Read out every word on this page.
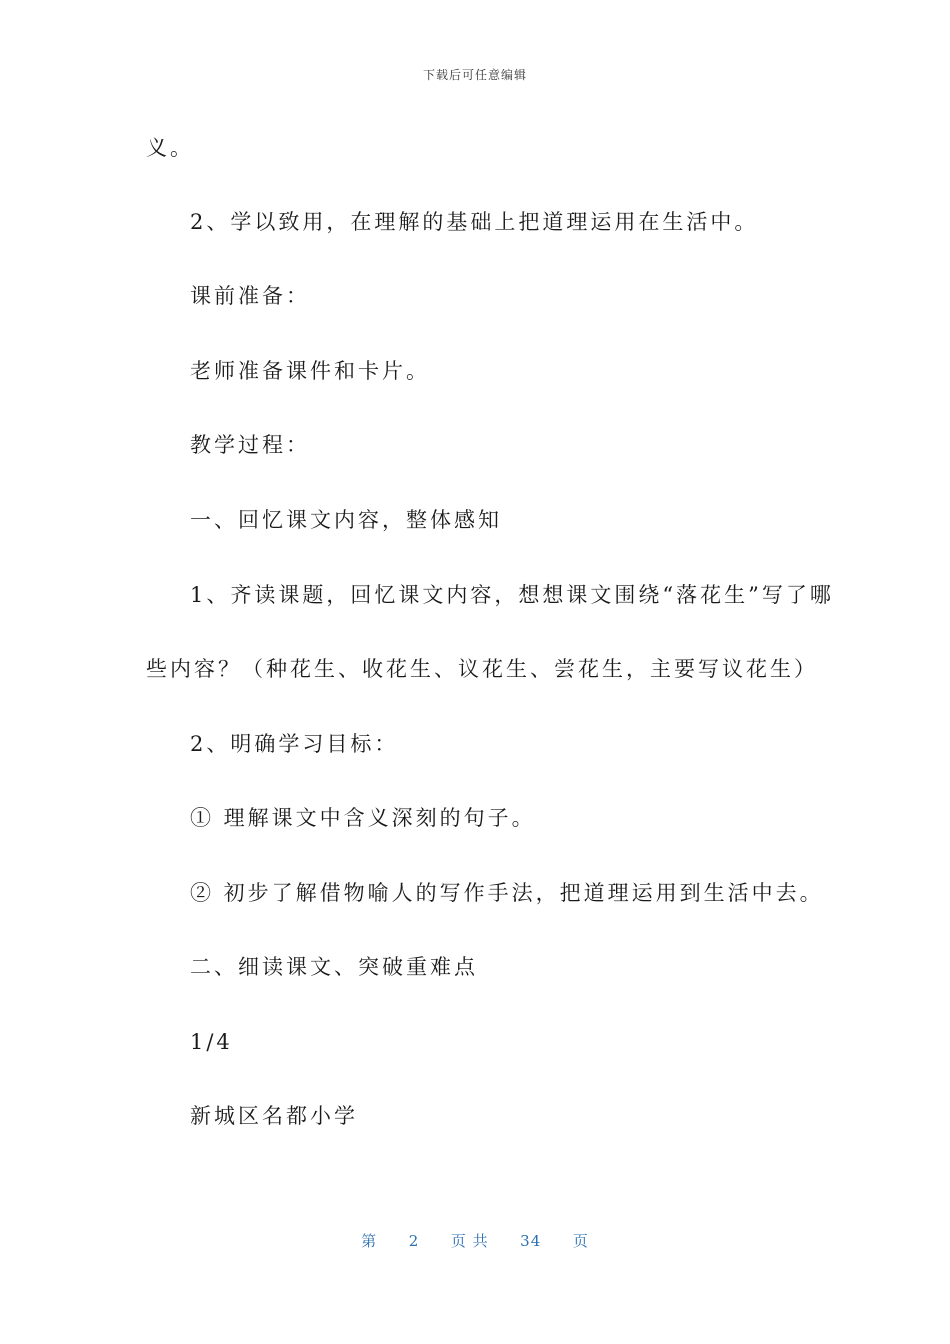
下载后可任意编辑
义。
2、学以致用，在理解的基础上把道理运用在生活中。
课前准备：
老师准备课件和卡片。
教学过程：
一、回忆课文内容，整体感知
1、齐读课题，回忆课文内容，想想课文围绕“落花生”写了哪
些内容？（种花生、收花生、议花生、尝花生，主要写议花生）
2、明确学习目标：
① 理解课文中含义深刻的句子。
② 初步了解借物喻人的写作手法，把道理运用到生活中去。
二、细读课文、突破重难点
1/4
新城区名都小学
第 2 页 共 34 页
